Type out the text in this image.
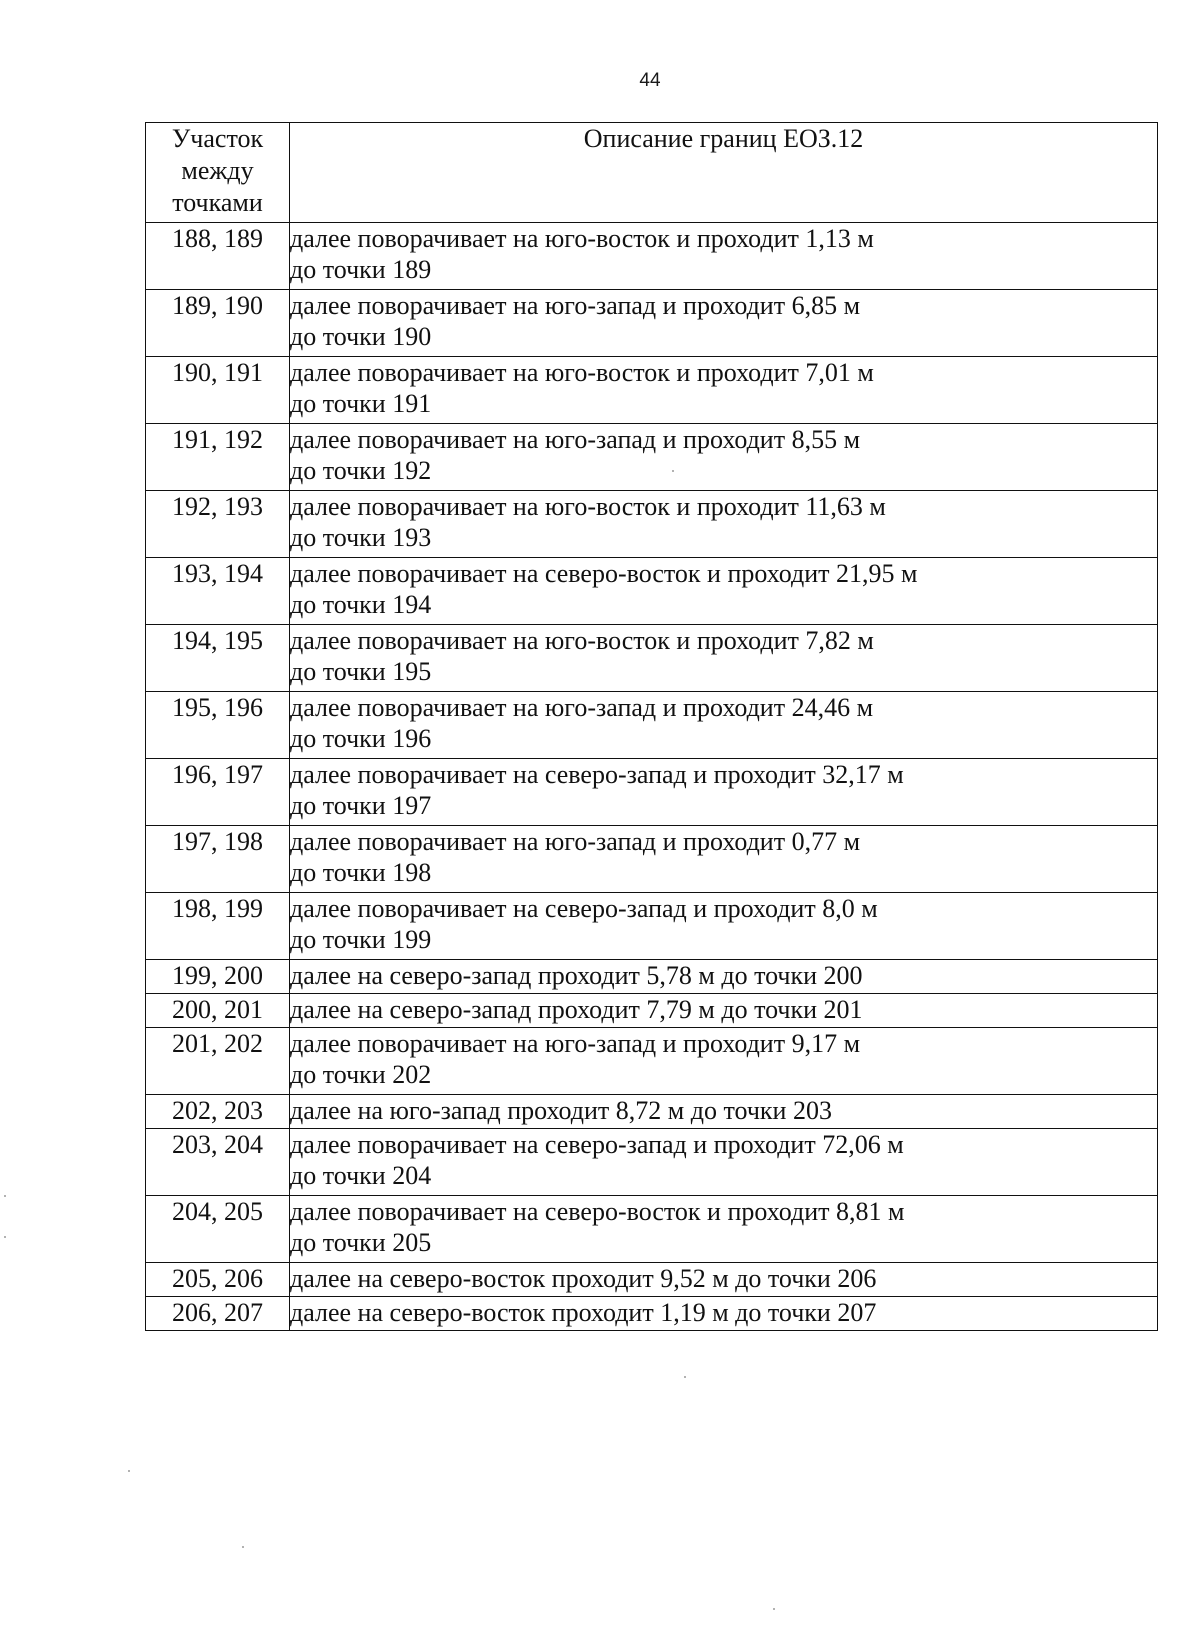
44
Участок
между
точками	Описание границ ЕОЗ.12
188, 189	далее поворачивает на юго-восток и проходит 1,13 м
до точки 189

189, 190	далее поворачивает на юго-запад и проходит 6,85 м
до точки 190

190, 191	далее поворачивает на юго-восток и проходит 7,01 м
до точки 191

191, 192	далее поворачивает на юго-запад и проходит 8,55 м
до точки 192

192, 193	далее поворачивает на юго-восток и проходит 11,63 м
до точки 193

193, 194	далее поворачивает на северо-восток и проходит 21,95 м
до точки 194

194, 195	далее поворачивает на юго-восток и проходит 7,82 м
до точки 195

195, 196	далее поворачивает на юго-запад и проходит 24,46 м
до точки 196

196, 197	далее поворачивает на северо-запад и проходит 32,17 м
до точки 197

197, 198	далее поворачивает на юго-запад и проходит 0,77 м
до точки 198

198, 199	далее поворачивает на северо-запад и проходит 8,0 м
до точки 199

199, 200	далее на северо-запад проходит 5,78 м до точки 200

200, 201	далее на северо-запад проходит 7,79 м до точки 201

201, 202	далее поворачивает на юго-запад и проходит 9,17 м
до точки 202

202, 203	далее на юго-запад проходит 8,72 м до точки 203

203, 204	далее поворачивает на северо-запад и проходит 72,06 м
до точки 204

204, 205	далее поворачивает на северо-восток и проходит 8,81 м
до точки 205

205, 206	далее на северо-восток проходит 9,52 м до точки 206

206, 207	далее на северо-восток проходит 1,19 м до точки 207
